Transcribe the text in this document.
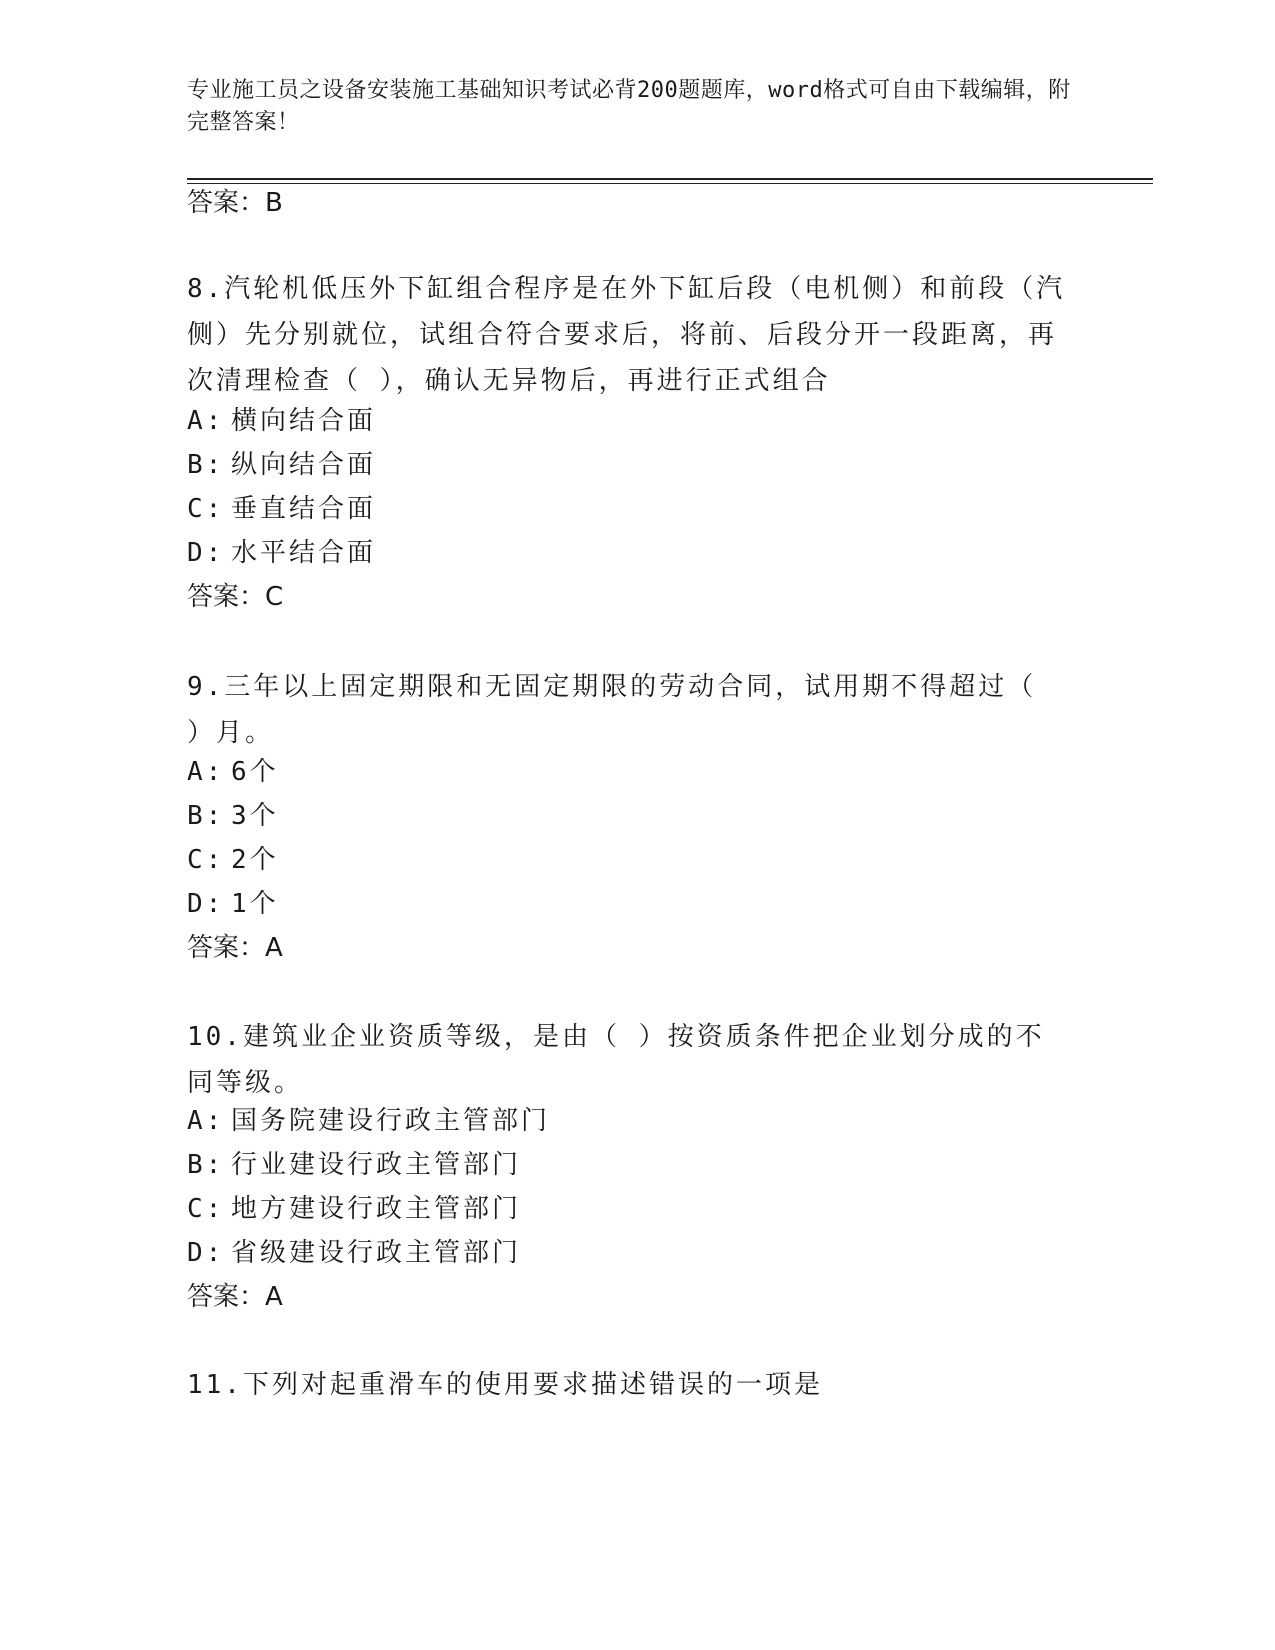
专业施工员之设备安装施工基础知识考试必背200题题库，word格式可自由下载编辑，附完整答案！
答案：B
8.汽轮机低压外下缸组合程序是在外下缸后段（电机侧）和前段（汽侧）先分别就位，试组合符合要求后，将前、后段分开一段距离，再次清理检查（ ），确认无异物后，再进行正式组合
A: 横向结合面
B: 纵向结合面
C: 垂直结合面
D: 水平结合面
答案：C
9.三年以上固定期限和无固定期限的劳动合同，试用期不得超过（ ）月。
A: 6个
B: 3个
C: 2个
D: 1个
答案：A
10.建筑业企业资质等级，是由（ ）按资质条件把企业划分成的不同等级。
A: 国务院建设行政主管部门
B: 行业建设行政主管部门
C: 地方建设行政主管部门
D: 省级建设行政主管部门
答案：A
11.下列对起重滑车的使用要求描述错误的一项是
